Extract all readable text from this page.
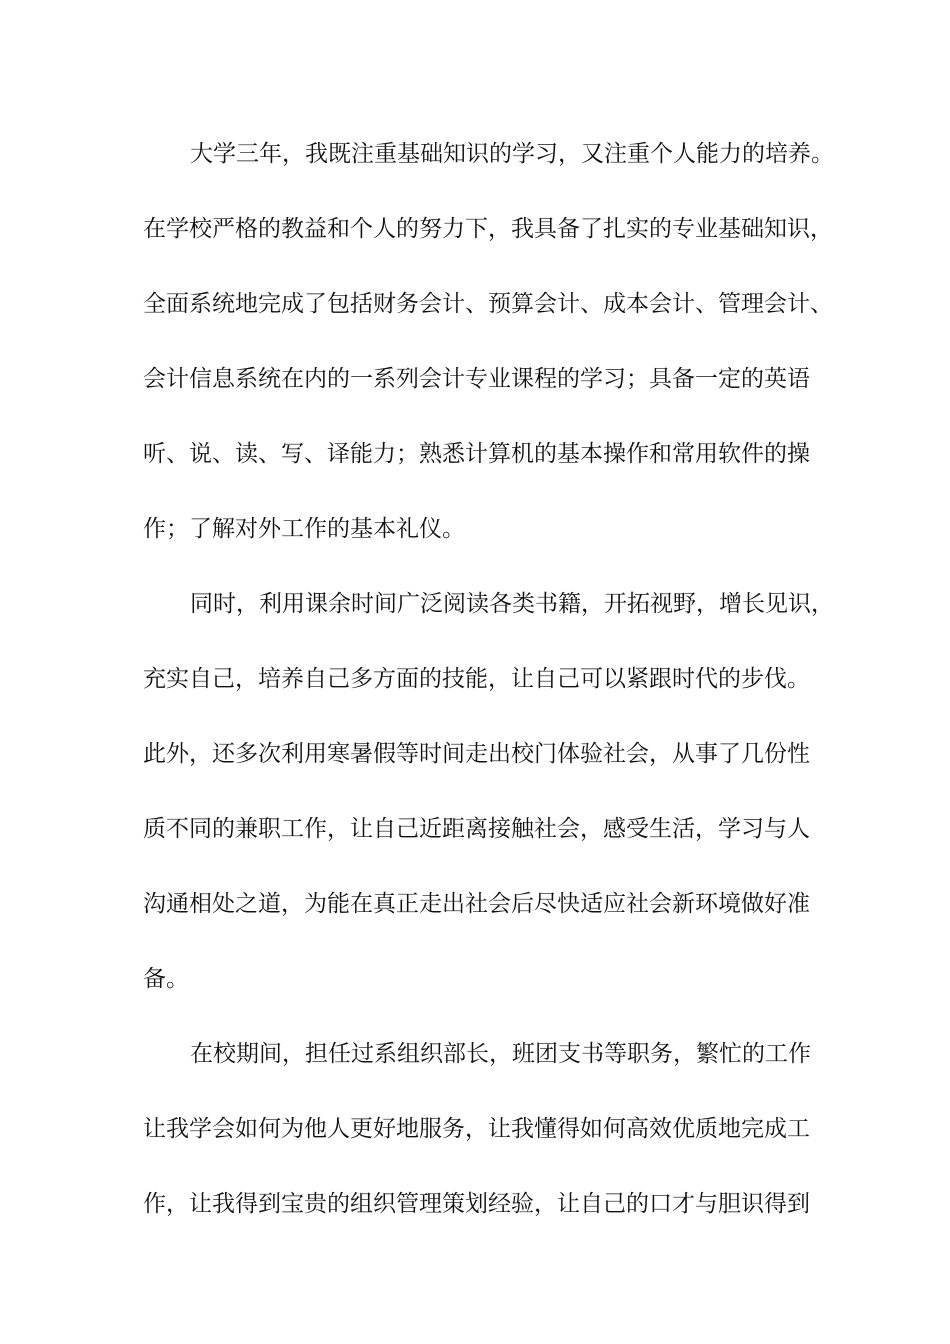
大学三年，我既注重基础知识的学习，又注重个人能力的培养。
在学校严格的教益和个人的努力下，我具备了扎实的专业基础知识，
全面系统地完成了包括财务会计、预算会计、成本会计、管理会计、
会计信息系统在内的一系列会计专业课程的学习；具备一定的英语
听、说、读、写、译能力；熟悉计算机的基本操作和常用软件的操
作；了解对外工作的基本礼仪。
同时，利用课余时间广泛阅读各类书籍，开拓视野，增长见识，
充实自己，培养自己多方面的技能，让自己可以紧跟时代的步伐。
此外，还多次利用寒暑假等时间走出校门体验社会，从事了几份性
质不同的兼职工作，让自己近距离接触社会，感受生活，学习与人
沟通相处之道，为能在真正走出社会后尽快适应社会新环境做好准
备。
在校期间，担任过系组织部长，班团支书等职务，繁忙的工作
让我学会如何为他人更好地服务，让我懂得如何高效优质地完成工
作，让我得到宝贵的组织管理策划经验，让自己的口才与胆识得到
